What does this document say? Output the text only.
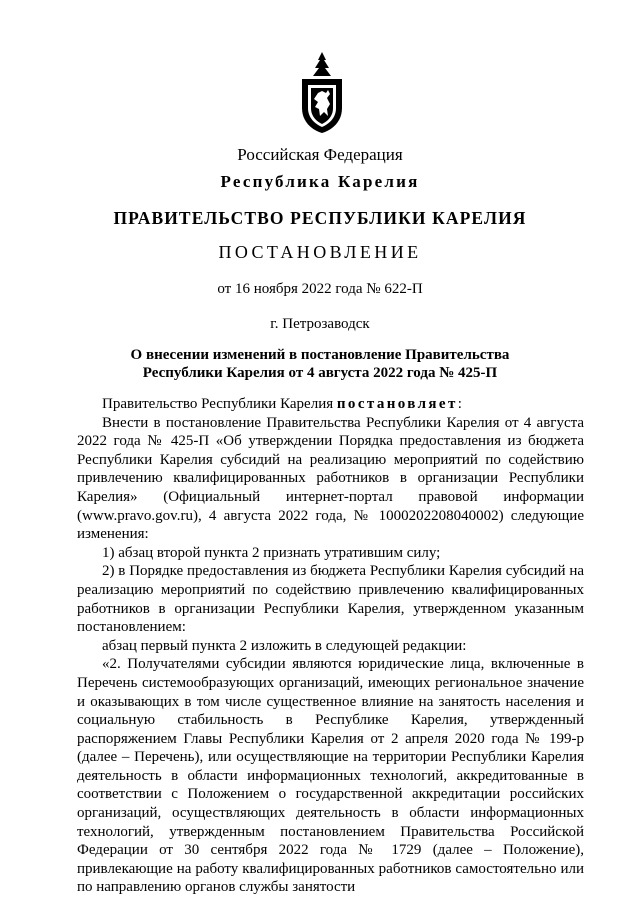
Российская Федерация
Республика Карелия
ПРАВИТЕЛЬСТВО РЕСПУБЛИКИ КАРЕЛИЯ
ПОСТАНОВЛЕНИЕ
от 16 ноября 2022 года № 622-П
г. Петрозаводск
О внесении изменений в постановление Правительства
Республики Карелия от 4 августа 2022 года № 425-П

Правительство Республики Карелия постановляет:

Внести в постановление Правительства Республики Карелия от 4 августа 2022 года № 425-П «Об утверждении Порядка предоставления из бюджета Республики Карелия субсидий на реализацию мероприятий по содействию привлечению квалифицированных работников в организации Республики Карелия» (Официальный интернет-портал правовой информации (www.pravo.gov.ru), 4 августа 2022 года, № 1000202208040002) следующие изменения:

1) абзац второй пункта 2 признать утратившим силу;

2) в Порядке предоставления из бюджета Республики Карелия субсидий на реализацию мероприятий по содействию привлечению квалифицированных работников в организации Республики Карелия, утвержденном указанным постановлением:

абзац первый пункта 2 изложить в следующей редакции:

«2. Получателями субсидии являются юридические лица, включенные в Перечень системообразующих организаций, имеющих региональное значение и оказывающих в том числе существенное влияние на занятость населения и социальную стабильность в Республике Карелия, утвержденный распоряжением Главы Республики Карелия от 2 апреля 2020 года № 199-р (далее – Перечень), или осуществляющие на территории Республики Карелия деятельность в области информационных технологий, аккредитованные в соответствии с Положением о государственной аккредитации российских организаций, осуществляющих деятельность в области информационных технологий, утвержденным постановлением Правительства Российской Федерации от 30 сентября 2022 года № 1729 (далее – Положение), привлекающие на работу квалифицированных работников самостоятельно или по направлению органов службы занятости
